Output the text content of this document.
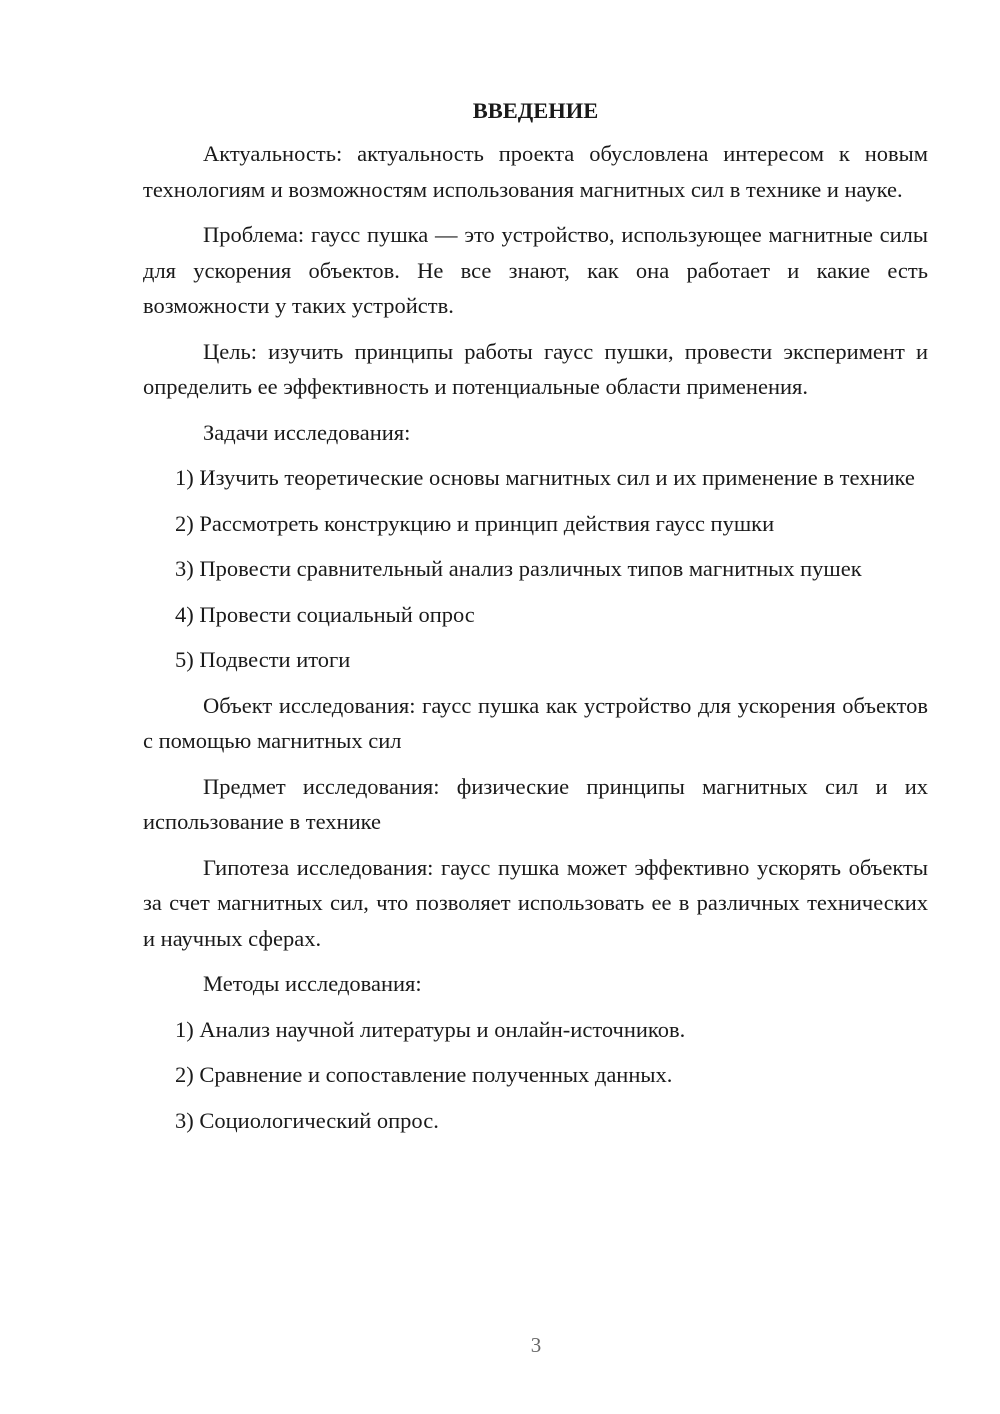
ВВЕДЕНИЕ

Актуальность: актуальность проекта обусловлена интересом к новым технологиям и возможностям использования магнитных сил в технике и науке.

Проблема: гаусс пушка — это устройство, использующее магнитные силы для ускорения объектов. Не все знают, как она работает и какие есть возможности у таких устройств.

Цель: изучить принципы работы гаусс пушки, провести эксперимент и определить ее эффективность и потенциальные области применения.

Задачи исследования:

1) Изучить теоретические основы магнитных сил и их применение в технике

2) Рассмотреть конструкцию и принцип действия гаусс пушки

3) Провести сравнительный анализ различных типов магнитных пушек

4) Провести социальный опрос

5) Подвести итоги

Объект исследования: гаусс пушка как устройство для ускорения объектов с помощью магнитных сил

Предмет исследования: физические принципы магнитных сил и их использование в технике

Гипотеза исследования: гаусс пушка может эффективно ускорять объекты за счет магнитных сил, что позволяет использовать ее в различных технических и научных сферах.

Методы исследования:

1) Анализ научной литературы и онлайн-источников.

2) Сравнение и сопоставление полученных данных.

3) Социологический опрос.

3
